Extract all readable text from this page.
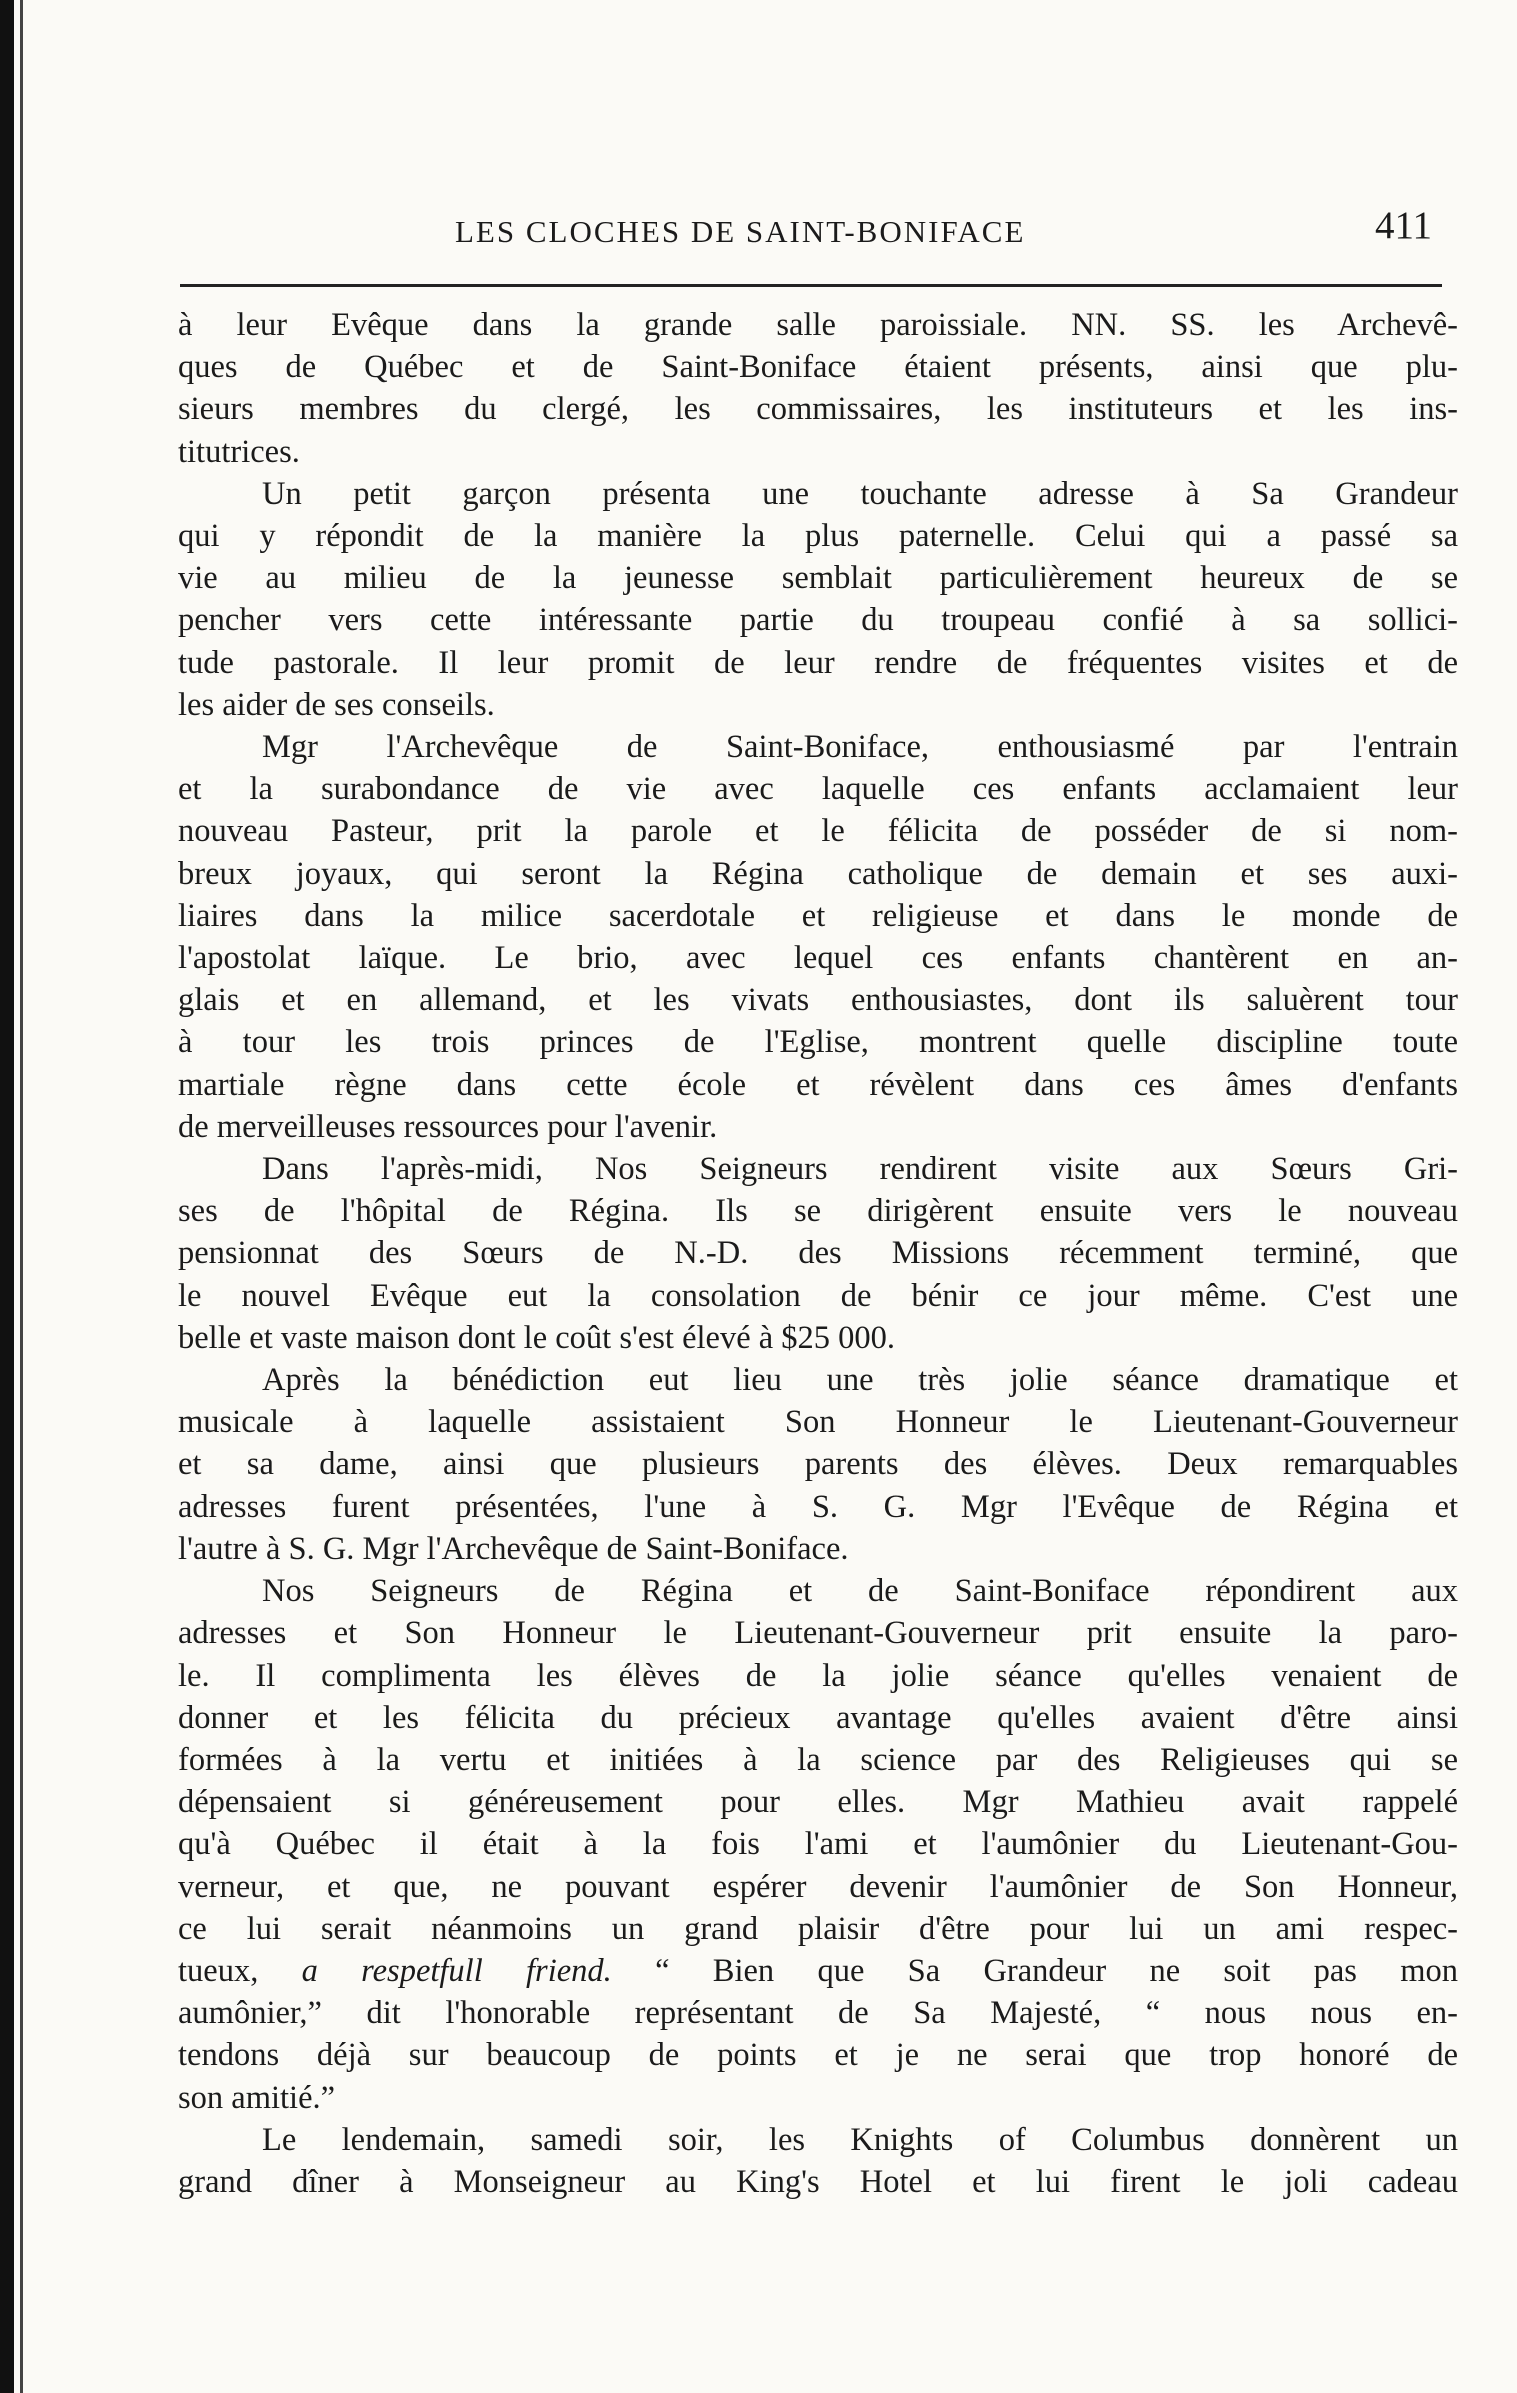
LES CLOCHES DE SAINT-BONIFACE	411
à leur Evêque dans la grande salle paroissiale. NN. SS. les Archevê-
ques de Québec et de Saint-Boniface étaient présents, ainsi que plu-
sieurs membres du clergé, les commissaires, les instituteurs et les ins-
titutrices.
Un petit garçon présenta une touchante adresse à Sa Grandeur
qui y répondit de la manière la plus paternelle. Celui qui a passé sa
vie au milieu de la jeunesse semblait particulièrement heureux de se
pencher vers cette intéressante partie du troupeau confié à sa sollici-
tude pastorale. Il leur promit de leur rendre de fréquentes visites et de
les aider de ses conseils.
Mgr l'Archevêque de Saint-Boniface, enthousiasmé par l'entrain
et la surabondance de vie avec laquelle ces enfants acclamaient leur
nouveau Pasteur, prit la parole et le félicita de posséder de si nom-
breux joyaux, qui seront la Régina catholique de demain et ses auxi-
liaires dans la milice sacerdotale et religieuse et dans le monde de
l'apostolat laïque. Le brio, avec lequel ces enfants chantèrent en an-
glais et en allemand, et les vivats enthousiastes, dont ils saluèrent tour
à tour les trois princes de l'Eglise, montrent quelle discipline toute
martiale règne dans cette école et révèlent dans ces âmes d'enfants
de merveilleuses ressources pour l'avenir.
Dans l'après-midi, Nos Seigneurs rendirent visite aux Sœurs Gri-
ses de l'hôpital de Régina. Ils se dirigèrent ensuite vers le nouveau
pensionnat des Sœurs de N.-D. des Missions récemment terminé, que
le nouvel Evêque eut la consolation de bénir ce jour même. C'est une
belle et vaste maison dont le coût s'est élevé à $25 000.
Après la bénédiction eut lieu une très jolie séance dramatique et
musicale à laquelle assistaient Son Honneur le Lieutenant-Gouverneur
et sa dame, ainsi que plusieurs parents des élèves. Deux remarquables
adresses furent présentées, l'une à S. G. Mgr l'Evêque de Régina et
l'autre à S. G. Mgr l'Archevêque de Saint-Boniface.
Nos Seigneurs de Régina et de Saint-Boniface répondirent aux
adresses et Son Honneur le Lieutenant-Gouverneur prit ensuite la paro-
le. Il complimenta les élèves de la jolie séance qu'elles venaient de
donner et les félicita du précieux avantage qu'elles avaient d'être ainsi
formées à la vertu et initiées à la science par des Religieuses qui se
dépensaient si généreusement pour elles. Mgr Mathieu avait rappelé
qu'à Québec il était à la fois l'ami et l'aumônier du Lieutenant-Gou-
verneur, et que, ne pouvant espérer devenir l'aumônier de Son Honneur,
ce lui serait néanmoins un grand plaisir d'être pour lui un ami respec-
tueux, a respetfull friend. “ Bien que Sa Grandeur ne soit pas mon
aumônier,” dit l'honorable représentant de Sa Majesté, “ nous nous en-
tendons déjà sur beaucoup de points et je ne serai que trop honoré de
son amitié.”
Le lendemain, samedi soir, les Knights of Columbus donnèrent un
grand dîner à Monseigneur au King's Hotel et lui firent le joli cadeau
